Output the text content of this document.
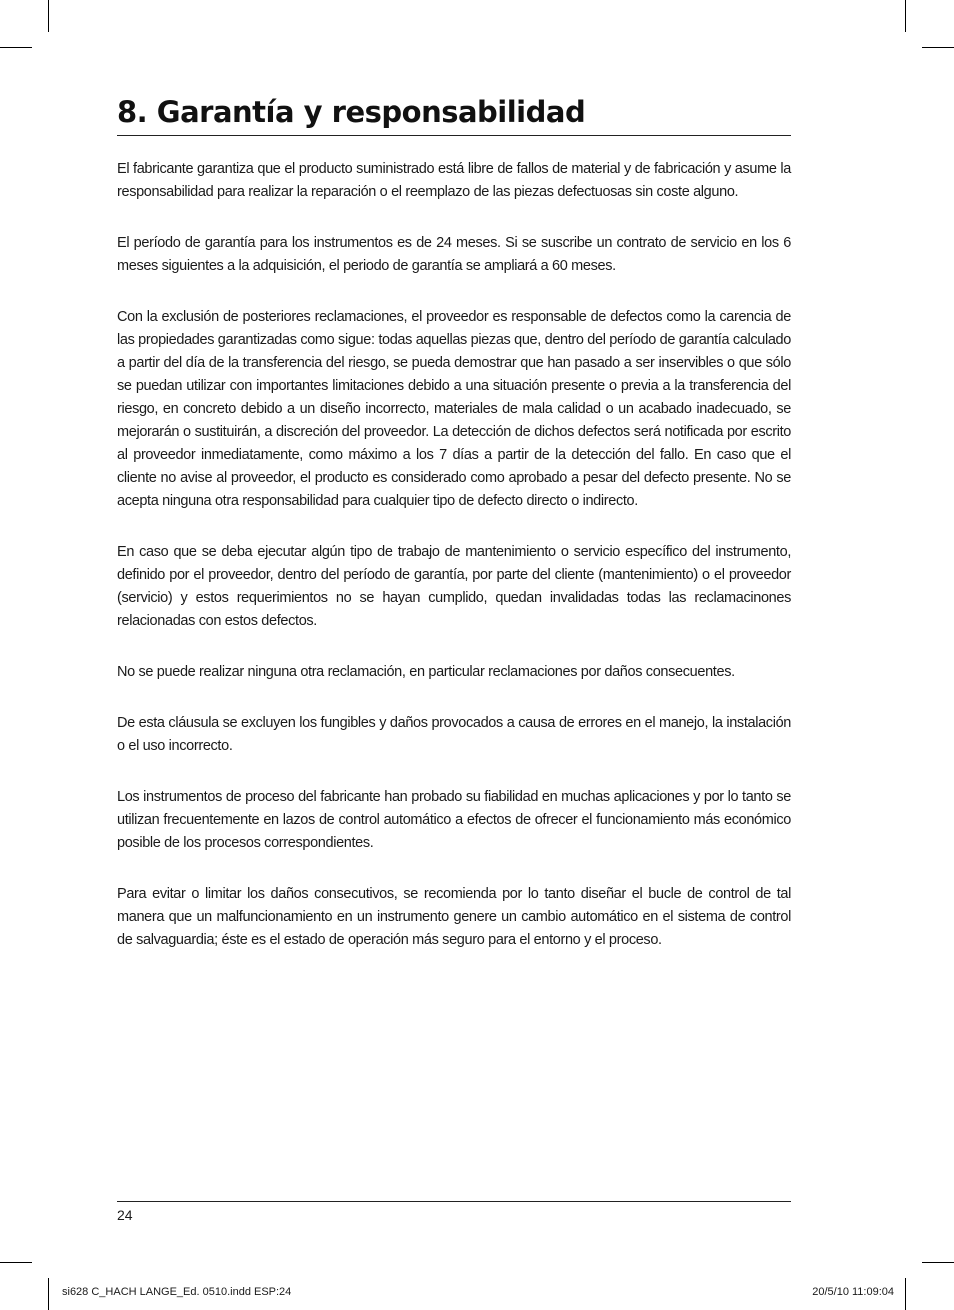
8. Garantía y responsabilidad

El fabricante garantiza que el producto suministrado está libre de fallos de material y de fabricación y asume la responsabilidad para realizar la reparación o el reemplazo de las piezas defectuosas sin coste alguno.

El período de garantía para los instrumentos es de 24 meses. Si se suscribe un contrato de servicio en los 6 meses siguientes a la adquisición, el periodo de garantía se ampliará a 60 meses.

Con la exclusión de posteriores reclamaciones, el proveedor es responsable de defectos como la carencia de las propiedades garantizadas como sigue: todas aquellas piezas que, dentro del período de garantía calculado a partir del día de la transferencia del riesgo, se pueda demostrar que han pasado a ser inservibles o que sólo se puedan utilizar con importantes limitaciones debido a una situación presente o previa a la transferencia del riesgo, en concreto debido a un diseño incorrecto, materiales de mala calidad o un acabado inadecuado, se mejorarán o sustituirán, a discreción del proveedor. La detección de dichos defectos será notificada por escrito al proveedor inmediatamente, como máximo a los 7 días a partir de la detección del fallo. En caso que el cliente no avise al proveedor, el producto es considerado como aprobado a pesar del defecto presente. No se acepta ninguna otra responsabilidad para cualquier tipo de defecto directo o indirecto.

En caso que se deba ejecutar algún tipo de trabajo de mantenimiento o servicio específico del instrumento, definido por el proveedor, dentro del período de garantía, por parte del cliente (mantenimiento) o el proveedor (servicio) y estos requerimientos no se hayan cumplido, quedan invalidadas todas las reclamacinones relacionadas con estos defectos.

No se puede realizar ninguna otra reclamación, en particular reclamaciones por daños consecuentes.

De esta cláusula se excluyen los fungibles y daños provocados a causa de errores en el manejo, la instalación o el uso incorrecto.

Los instrumentos de proceso del fabricante han probado su fiabilidad en muchas aplicaciones y por lo tanto se utilizan frecuentemente en lazos de control automático a efectos de ofrecer el funcionamiento más económico posible de los procesos correspondientes.

Para evitar o limitar los daños consecutivos, se recomienda por lo tanto diseñar el bucle de control de tal manera que un malfuncionamiento en un instrumento genere un cambio automático en el sistema de control de salvaguardia; éste es el estado de operación más seguro para el entorno y el proceso.

24
si628 C_HACH LANGE_Ed. 0510.indd ESP:24	20/5/10 11:09:04
